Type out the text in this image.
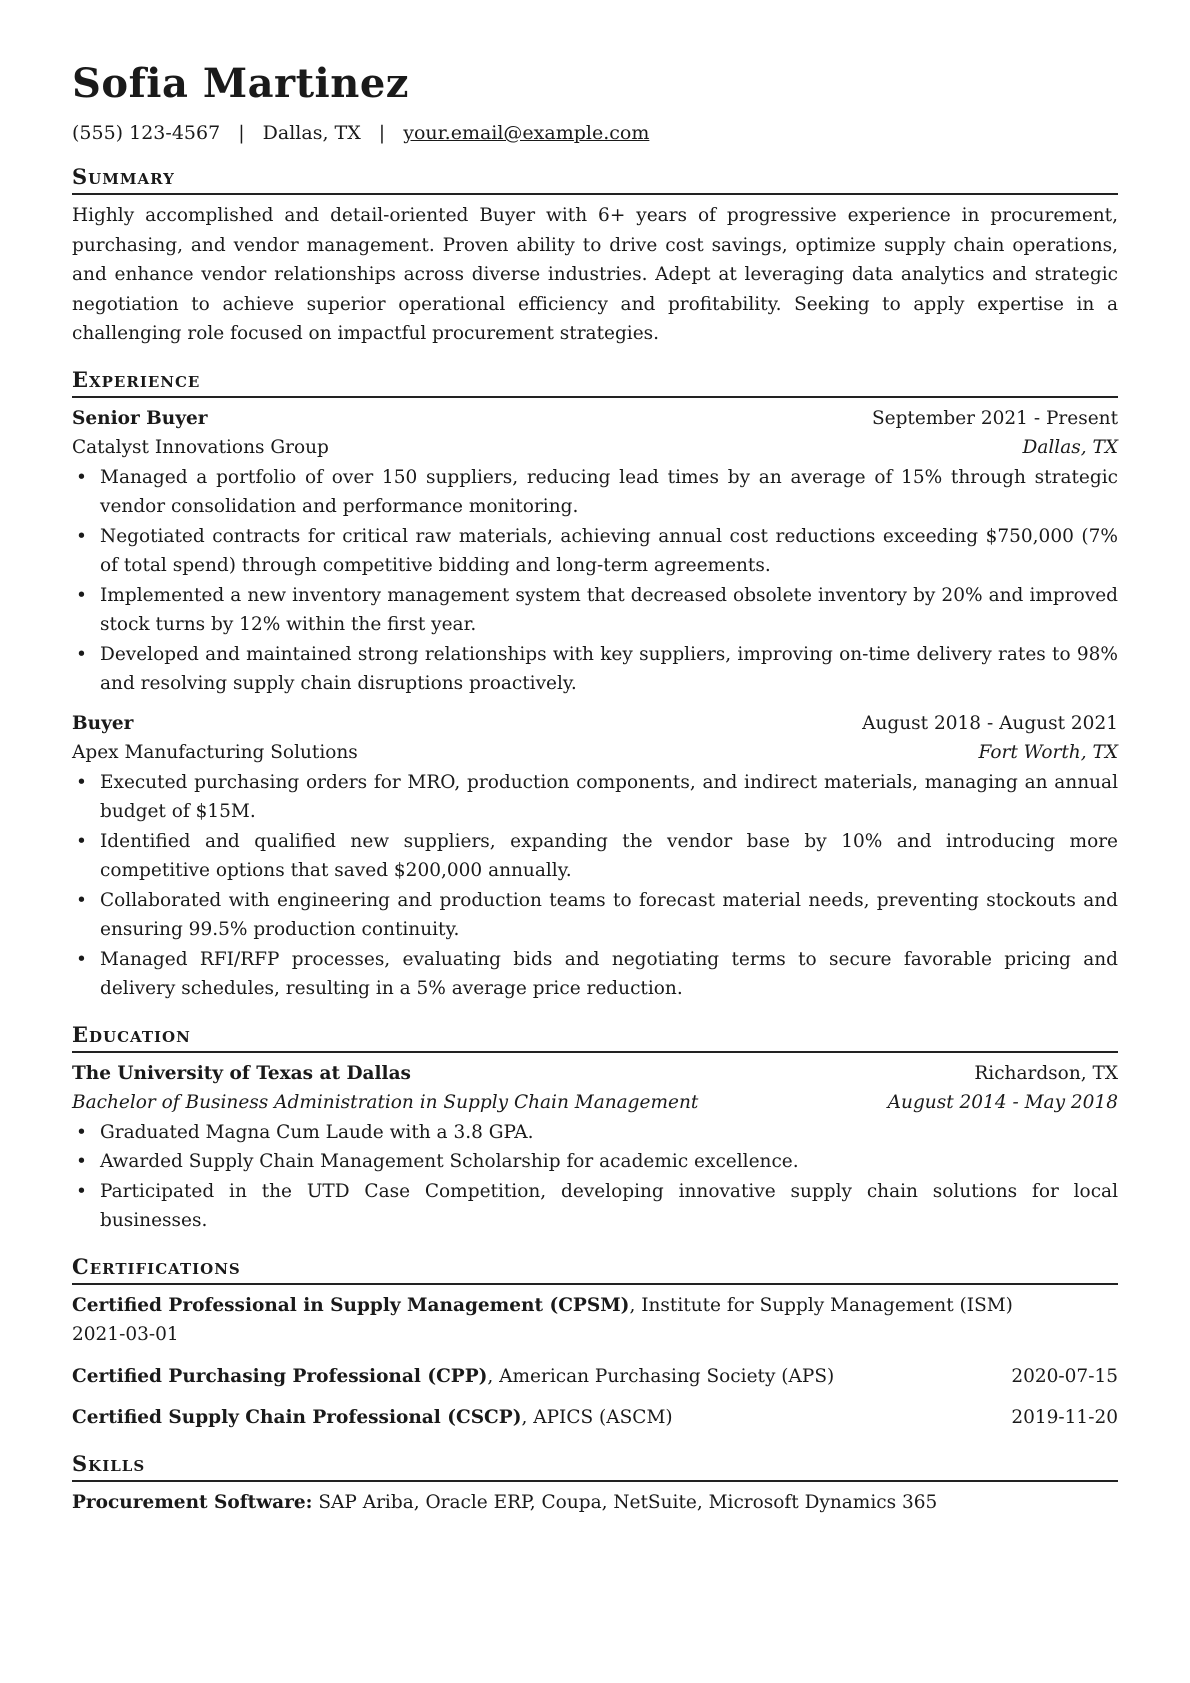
Sofia Martinez
(555) 123-4567 | Dallas, TX | your.email@example.com
Summary

Highly accomplished and detail-oriented Buyer with 6+ years of progressive experience in procurement, purchasing, and vendor management. Proven ability to drive cost savings, optimize supply chain operations, and enhance vendor relationships across diverse industries. Adept at leveraging data analytics and strategic negotiation to achieve superior operational efficiency and profitability. Seeking to apply expertise in a challenging role focused on impactful procurement strategies.

Experience
Senior Buyer	September 2021 - Present
Catalyst Innovations Group	Dallas, TX
• Managed a portfolio of over 150 suppliers, reducing lead times by an average of 15% through strategic vendor consolidation and performance monitoring.
• Negotiated contracts for critical raw materials, achieving annual cost reductions exceeding $750,000 (7% of total spend) through competitive bidding and long-term agreements.
• Implemented a new inventory management system that decreased obsolete inventory by 20% and improved stock turns by 12% within the first year.
• Developed and maintained strong relationships with key suppliers, improving on-time delivery rates to 98% and resolving supply chain disruptions proactively.
Buyer	August 2018 - August 2021
Apex Manufacturing Solutions	Fort Worth, TX
• Executed purchasing orders for MRO, production components, and indirect materials, managing an annual budget of $15M.
• Identified and qualified new suppliers, expanding the vendor base by 10% and introducing more competitive options that saved $200,000 annually.
• Collaborated with engineering and production teams to forecast material needs, preventing stockouts and ensuring 99.5% production continuity.
• Managed RFI/RFP processes, evaluating bids and negotiating terms to secure favorable pricing and delivery schedules, resulting in a 5% average price reduction.
Education
The University of Texas at Dallas	Richardson, TX
Bachelor of Business Administration in Supply Chain Management	August 2014 - May 2018
• Graduated Magna Cum Laude with a 3.8 GPA.
• Awarded Supply Chain Management Scholarship for academic excellence.
• Participated in the UTD Case Competition, developing innovative supply chain solutions for local businesses.
Certifications
Certified Professional in Supply Management (CPSM), Institute for Supply Management (ISM)
2021-03-01
Certified Purchasing Professional (CPP), American Purchasing Society (APS)	2020-07-15
Certified Supply Chain Professional (CSCP), APICS (ASCM)	2019-11-20
Skills
Procurement Software: SAP Ariba, Oracle ERP, Coupa, NetSuite, Microsoft Dynamics 365
